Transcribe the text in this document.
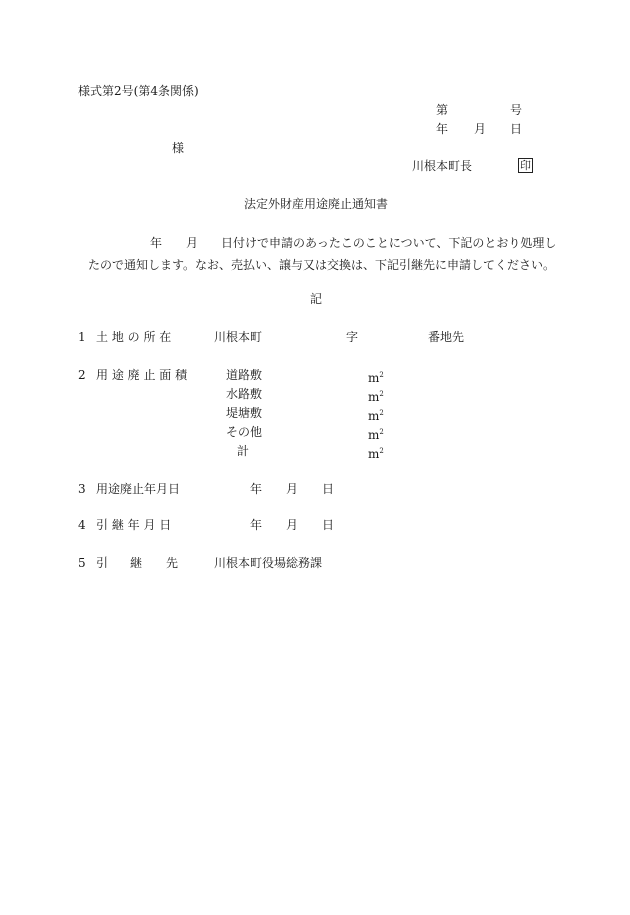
様式第2号(第4条関係)
第	号
年 月 日
様
川根本町長	印
法定外財産用途廃止通知書
年 月 日付けで申請のあったこのことについて、下記のとおり処理し
たので通知します。なお、売払い、譲与又は交換は、下記引継先に申請してください。
記
1 土 地 の 所 在	川根本町	字	番地先
2 用 途 廃 止 面 積	道路敷	$m^2$
水路敷	$m^2$
堤塘敷	$m^2$
その他	$m^2$
計	$m^2$
3 用途廃止年月日	年 月 日
4 引 継 年 月 日	年 月 日
5 引 継 先	川根本町役場総務課
